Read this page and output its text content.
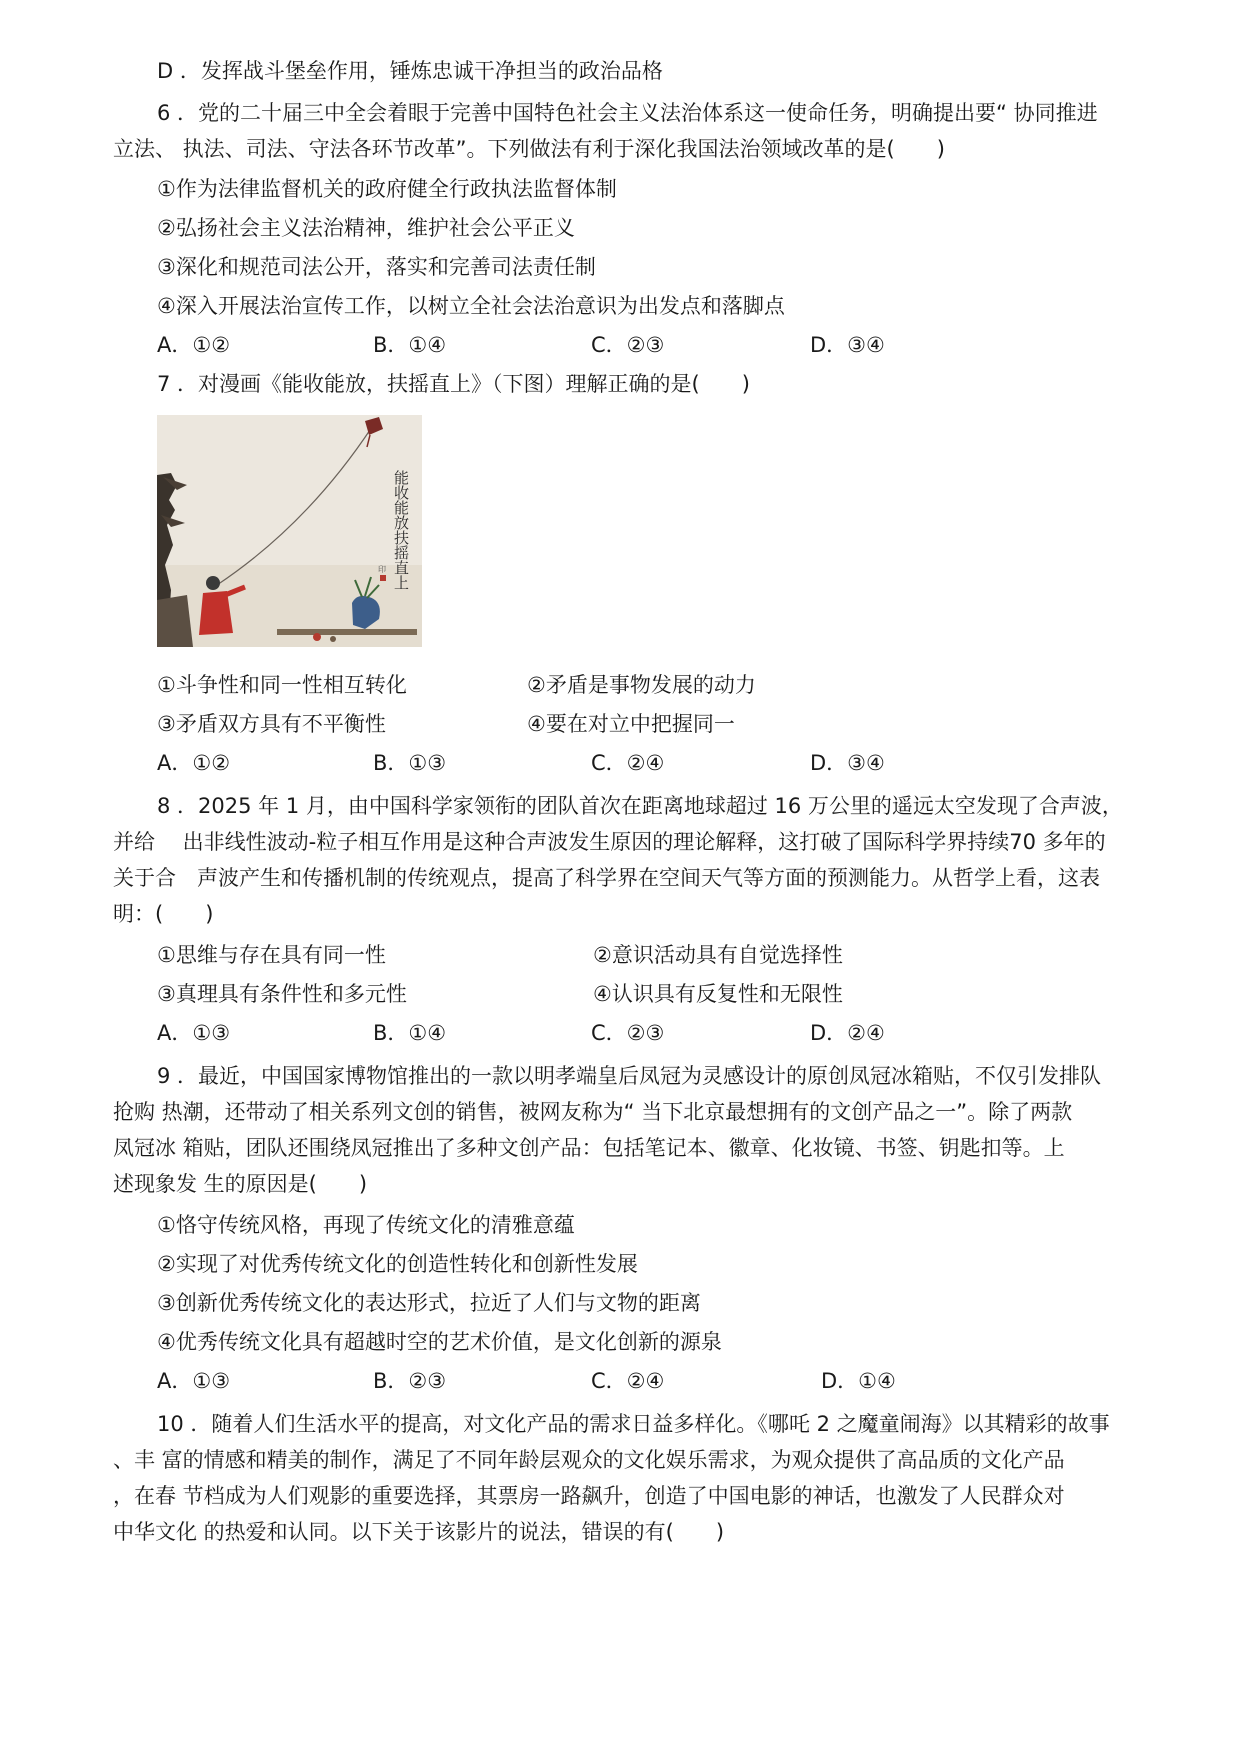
D ．发挥战斗堡垒作用，锤炼忠诚干净担当的政治品格
6 ．党的二十届三中全会着眼于完善中国特色社会主义法治体系这一使命任务，明确提出要“ 协同推进
立法、 执法、司法、守法各环节改革”。下列做法有利于深化我国法治领域改革的是(　　)
①作为法律监督机关的政府健全行政执法监督体制
②弘扬社会主义法治精神，维护社会公平正义
③深化和规范司法公开，落实和完善司法责任制
④深入开展法治宣传工作，以树立全社会法治意识为出发点和落脚点
A．①②	B．①④	C．②③	D．③④
7 ．对漫画《能收能放，扶摇直上》（下图）理解正确的是(　　)
能收能放扶摇直上
印
①斗争性和同一性相互转化	②矛盾是事物发展的动力
③矛盾双方具有不平衡性	④要在对立中把握同一
A．①②	B．①③	C．②④	D．③④
8 ．2025 年 1 月，由中国科学家领衔的团队首次在距离地球超过 16 万公里的遥远太空发现了合声波，
并给　 出非线性波动-粒子相互作用是这种合声波发生原因的理论解释，这打破了国际科学界持续70 多年的
关于合　声波产生和传播机制的传统观点，提高了科学界在空间天气等方面的预测能力。从哲学上看，这表
明：(　　)
①思维与存在具有同一性	②意识活动具有自觉选择性
③真理具有条件性和多元性	④认识具有反复性和无限性
A．①③	B．①④	C．②③	D．②④
9 ．最近，中国国家博物馆推出的一款以明孝端皇后凤冠为灵感设计的原创凤冠冰箱贴，不仅引发排队
抢购 热潮，还带动了相关系列文创的销售，被网友称为“ 当下北京最想拥有的文创产品之一”。除了两款
凤冠冰 箱贴，团队还围绕凤冠推出了多种文创产品：包括笔记本、徽章、化妆镜、书签、钥匙扣等。上
述现象发 生的原因是(　　)
①恪守传统风格，再现了传统文化的清雅意蕴
②实现了对优秀传统文化的创造性转化和创新性发展
③创新优秀传统文化的表达形式，拉近了人们与文物的距离
④优秀传统文化具有超越时空的艺术价值，是文化创新的源泉
A．①③	B．②③	C．②④	D．①④
10 ．随着人们生活水平的提高，对文化产品的需求日益多样化。《哪吒 2 之魔童闹海》以其精彩的故事
、丰 富的情感和精美的制作，满足了不同年龄层观众的文化娱乐需求，为观众提供了高品质的文化产品
，在春 节档成为人们观影的重要选择，其票房一路飙升，创造了中国电影的神话，也激发了人民群众对
中华文化 的热爱和认同。以下关于该影片的说法，错误的有(　　)
